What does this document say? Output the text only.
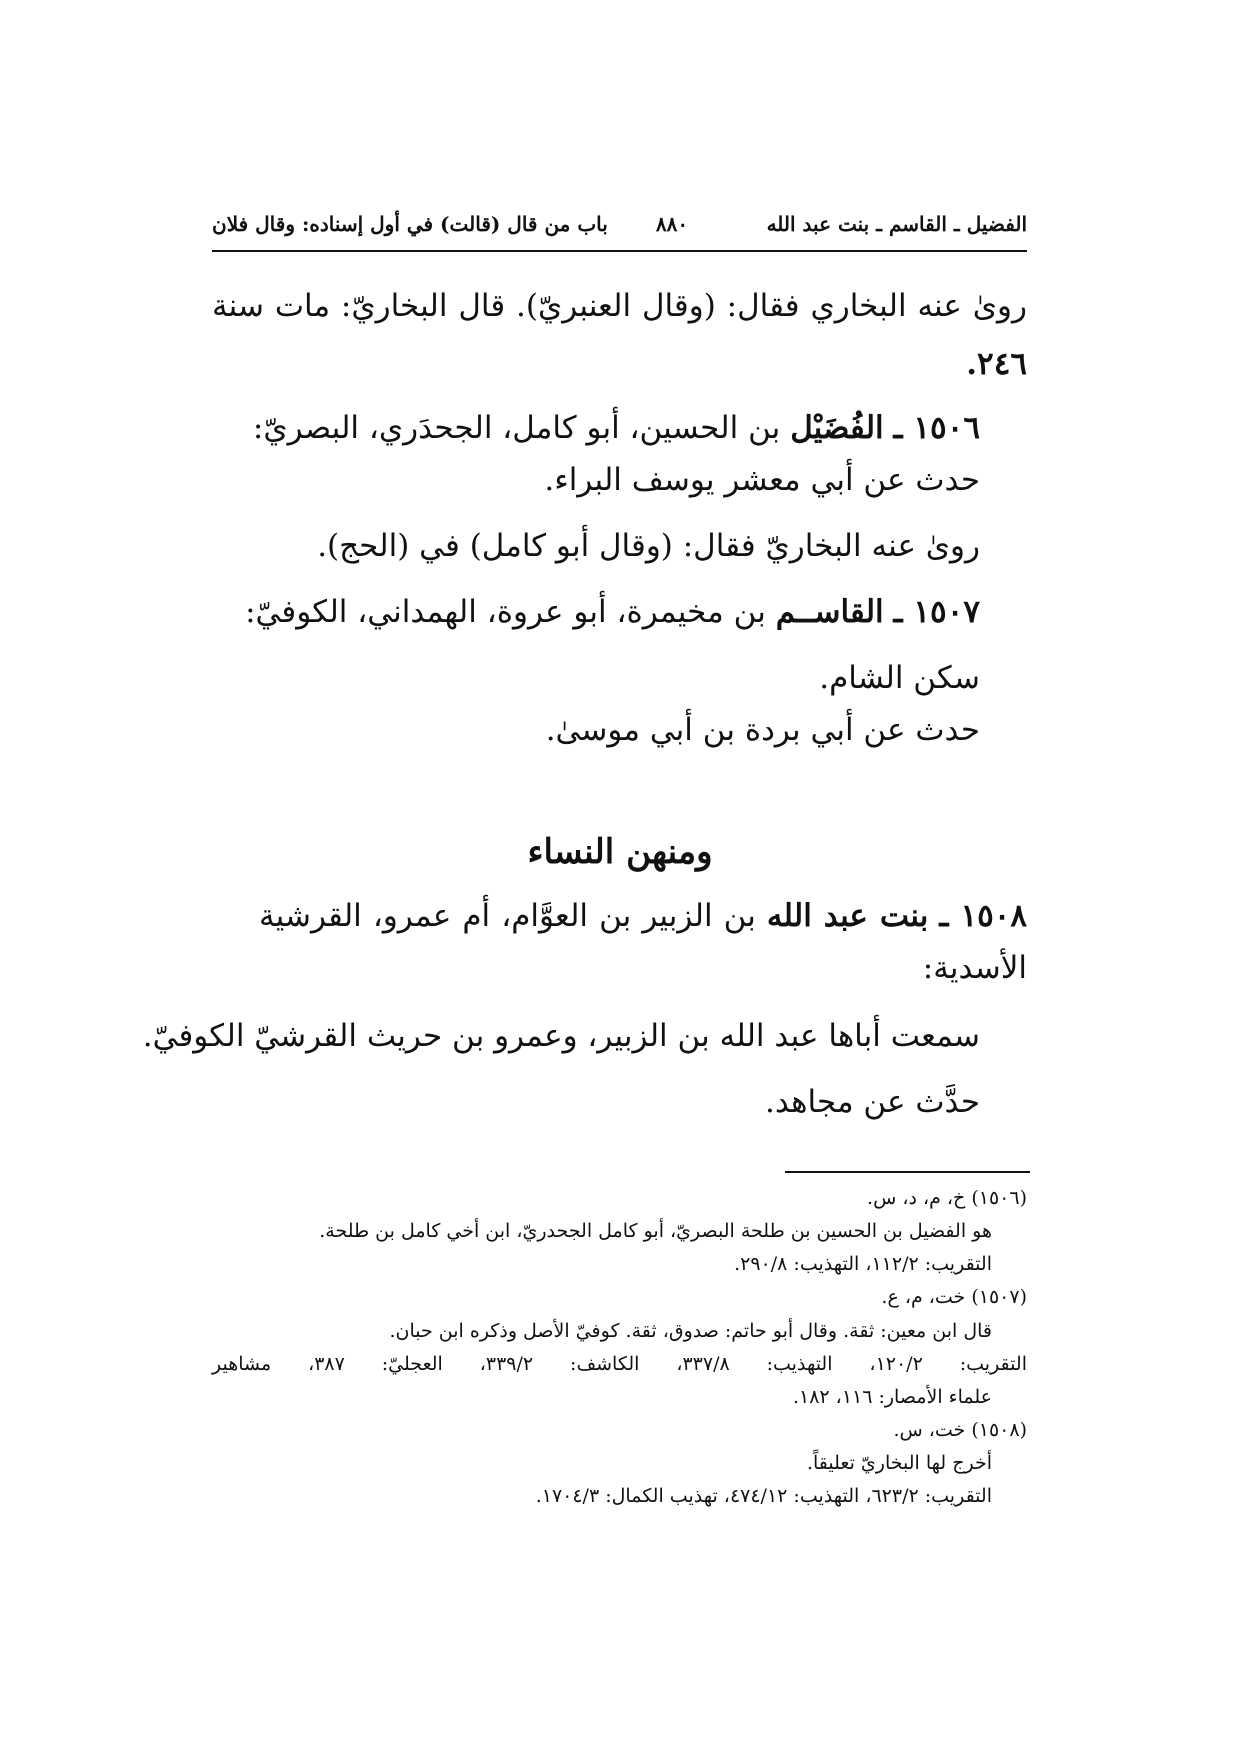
الفضيل ـ القاسم ـ بنت عبد الله
٨٨٠
باب من قال (قالت) في أول إسناده: وقال فلان
رویٰ عنه البخاري فقال: (وقال العنبريّ). قال البخاريّ: مات سنة
٢٤٦.
١٥٠٦ ـ الفُضَيْل بن الحسين، أبو كامل، الجحدَري، البصريّ:
حدث عن أبي معشر يوسف البراء.
رویٰ عنه البخاريّ فقال: (وقال أبو كامل) في (الحج).
١٥٠٧ ـ القاســم بن مخيمرة، أبو عروة، الهمداني، الكوفيّ:
سكن الشام.
حدث عن أبي بردة بن أبي موسىٰ.
ومنهن النساء
١٥٠٨ ـ بنت عبد الله بن الزبير بن العوَّام، أم عمرو، القرشية
الأسدية:
سمعت أباها عبد الله بن الزبير، وعمرو بن حريث القرشيّ الكوفيّ.
حدَّث عن مجاهد.
(١٥٠٦) خ، م، د، س.
هو الفضيل بن الحسين بن طلحة البصريّ، أبو كامل الجحدريّ، ابن أخي كامل بن طلحة.
التقريب: ١١٢/٢، التهذيب: ٢٩٠/٨.
(١٥٠٧) خت، م، ع.
قال ابن معين: ثقة. وقال أبو حاتم: صدوق، ثقة. كوفيّ الأصل وذكره ابن حبان.
التقريب: ١٢٠/٢، التهذيب: ٣٣٧/٨، الكاشف: ٣٣٩/٢، العجليّ: ٣٨٧، مشاهير
علماء الأمصار: ١١٦، ١٨٢.
(١٥٠٨) خت، س.
أخرج لها البخاريّ تعليقاً.
التقريب: ٦٢٣/٢، التهذيب: ٤٧٤/١٢، تهذيب الكمال: ١٧٠٤/٣.
